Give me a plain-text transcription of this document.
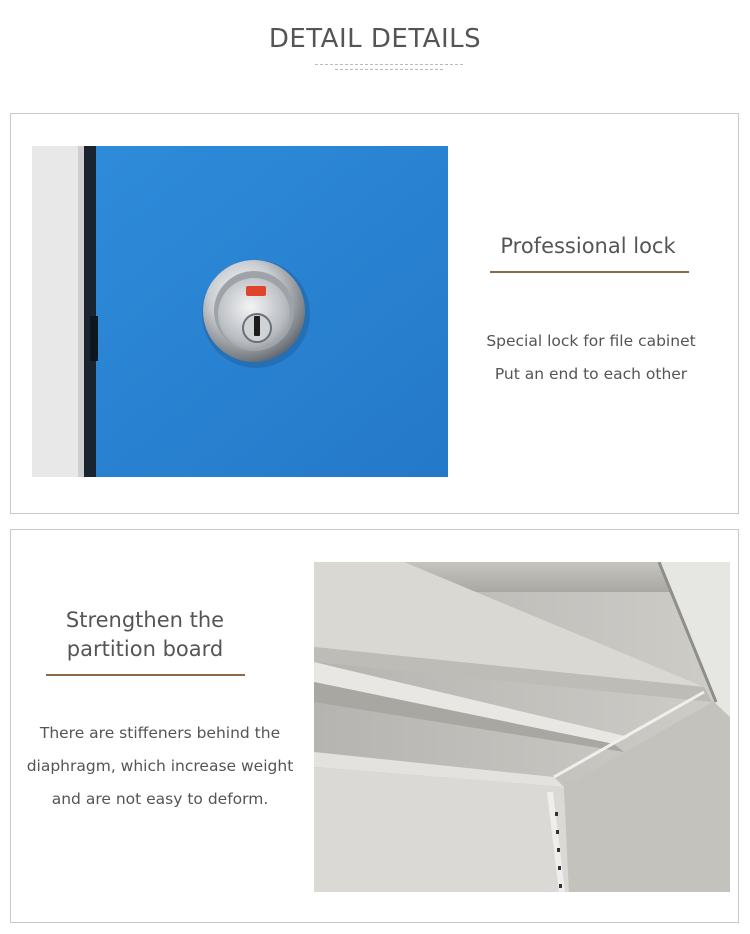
DETAIL DETAILS
Professional lock
Special lock for file cabinet
Put an end to each other
Strengthen the
partition board
There are stiffeners behind the
diaphragm, which increase weight
and are not easy to deform.
